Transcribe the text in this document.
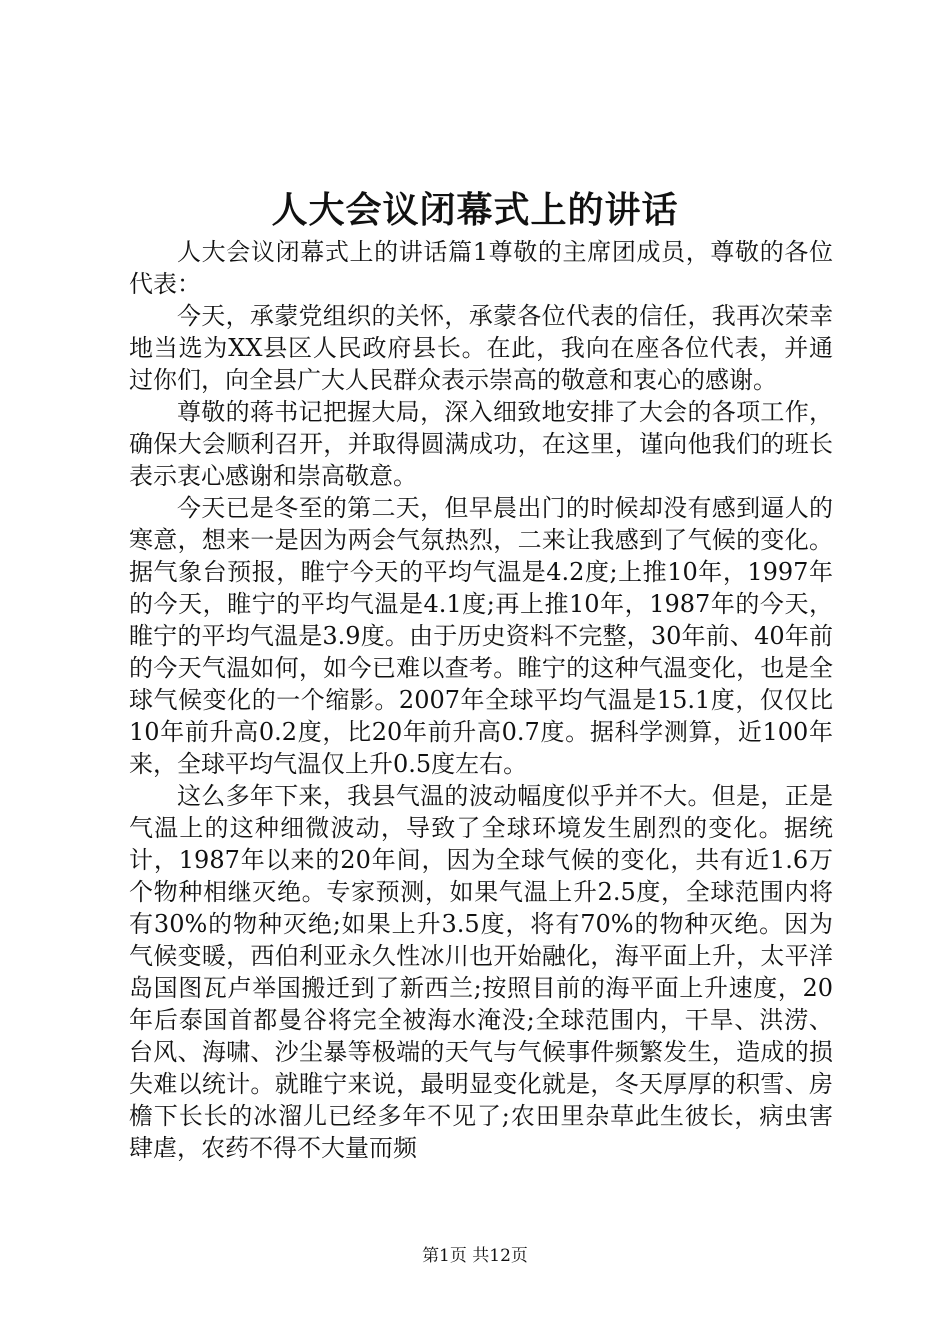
人大会议闭幕式上的讲话

人大会议闭幕式上的讲话篇1尊敬的主席团成员，尊敬的各位代表：

今天，承蒙党组织的关怀，承蒙各位代表的信任，我再次荣幸地当选为XX县区人民政府县长。在此，我向在座各位代表，并通过你们，向全县广大人民群众表示崇高的敬意和衷心的感谢。

尊敬的蒋书记把握大局，深入细致地安排了大会的各项工作，确保大会顺利召开，并取得圆满成功，在这里，谨向他我们的班长表示衷心感谢和崇高敬意。

今天已是冬至的第二天，但早晨出门的时候却没有感到逼人的寒意，想来一是因为两会气氛热烈，二来让我感到了气候的变化。据气象台预报，睢宁今天的平均气温是4.2度;上推10年，1997年的今天，睢宁的平均气温是4.1度;再上推10年，1987年的今天，睢宁的平均气温是3.9度。由于历史资料不完整，30年前、40年前的今天气温如何，如今已难以查考。睢宁的这种气温变化，也是全球气候变化的一个缩影。2007年全球平均气温是15.1度，仅仅比10年前升高0.2度，比20年前升高0.7度。据科学测算，近100年来，全球平均气温仅上升0.5度左右。

这么多年下来，我县气温的波动幅度似乎并不大。但是，正是气温上的这种细微波动，导致了全球环境发生剧烈的变化。据统计，1987年以来的20年间，因为全球气候的变化，共有近1.6万个物种相继灭绝。专家预测，如果气温上升2.5度，全球范围内将有30%的物种灭绝;如果上升3.5度，将有70%的物种灭绝。因为气候变暖，西伯利亚永久性冰川也开始融化，海平面上升，太平洋岛国图瓦卢举国搬迁到了新西兰;按照目前的海平面上升速度，20年后泰国首都曼谷将完全被海水淹没;全球范围内，干旱、洪涝、台风、海啸、沙尘暴等极端的天气与气候事件频繁发生，造成的损失难以统计。就睢宁来说，最明显变化就是，冬天厚厚的积雪、房檐下长长的冰溜儿已经多年不见了;农田里杂草此生彼长，病虫害肆虐，农药不得不大量而频

第1页 共12页
